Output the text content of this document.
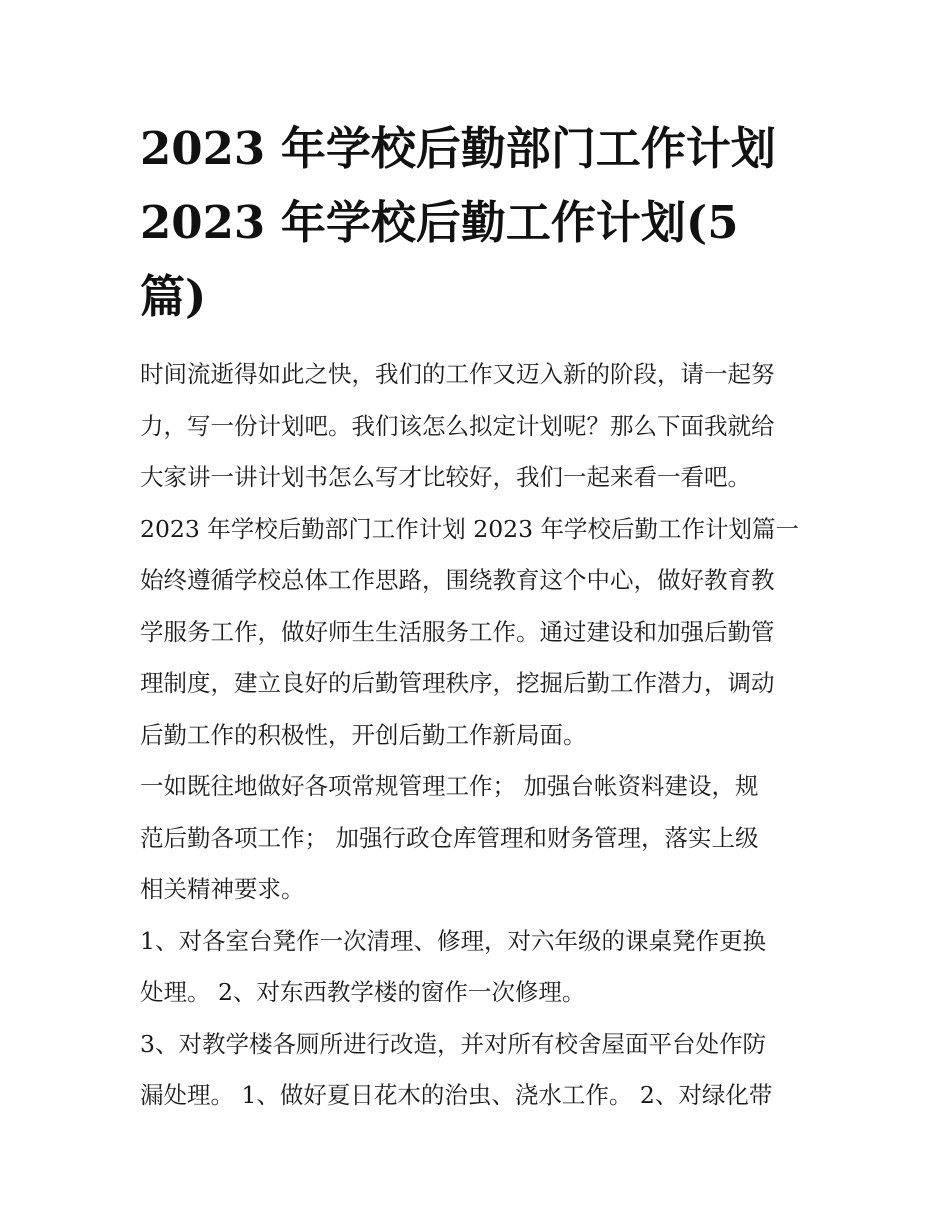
2023 年学校后勤部门工作计划
2023 年学校后勤工作计划(5
篇)

时间流逝得如此之快，我们的工作又迈入新的阶段，请一起努
力，写一份计划吧。我们该怎么拟定计划呢？那么下面我就给
大家讲一讲计划书怎么写才比较好，我们一起来看一看吧。

2023 年学校后勤部门工作计划 2023 年学校后勤工作计划篇一

始终遵循学校总体工作思路，围绕教育这个中心，做好教育教
学服务工作，做好师生生活服务工作。通过建设和加强后勤管
理制度，建立良好的后勤管理秩序，挖掘后勤工作潜力，调动
后勤工作的积极性，开创后勤工作新局面。

一如既往地做好各项常规管理工作； 加强台帐资料建设，规
范后勤各项工作； 加强行政仓库管理和财务管理，落实上级
相关精神要求。

1、对各室台凳作一次清理、修理，对六年级的课桌凳作更换
处理。 2、对东西教学楼的窗作一次修理。

3、对教学楼各厕所进行改造，并对所有校舍屋面平台处作防
漏处理。 1、做好夏日花木的治虫、浇水工作。 2、对绿化带
